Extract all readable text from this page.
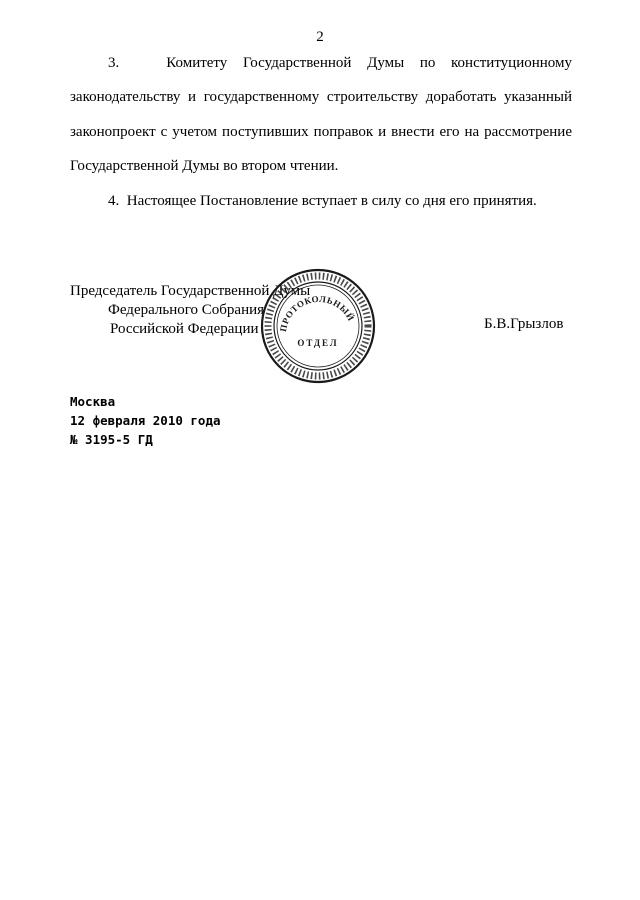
2

3.   Комитету Государственной Думы по конституционному

законодательству и государственному строительству доработать указанный законопроект с учетом поступивших поправок и внести его на рассмотрение Государственной Думы во втором чтении.

4.  Настоящее Постановление вступает в силу со дня его принятия.

Председатель Государственной Думы
Федерального Собрания
Российской Федерации	Б.В.Грызлов
ПРОТОКОЛЬНЫЙ
ОТДЕЛ
Москва
12 февраля 2010 года
№ 3195-5 ГД
